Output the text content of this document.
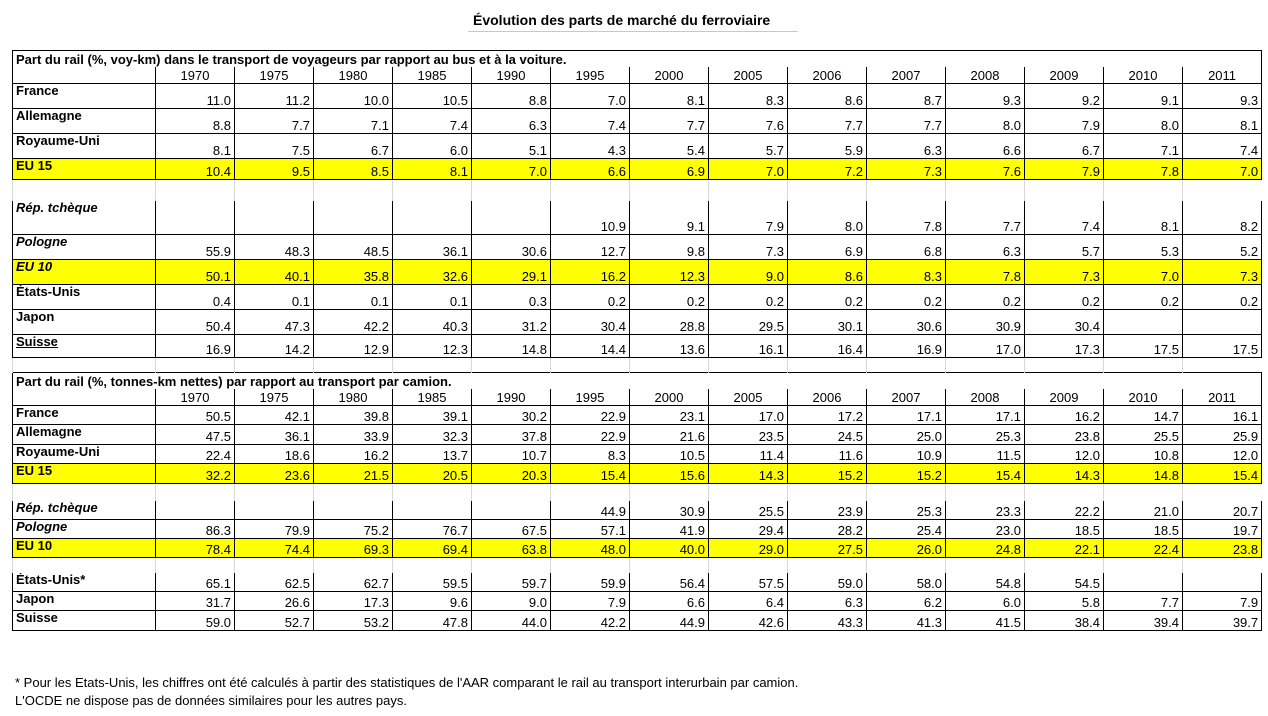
Évolution des parts de marché du ferroviaire
Part du rail (%, voy-km) dans le transport de voyageurs par rapport au bus et à la voiture.														
	1970	1975	1980	1985	1990	1995	2000	2005	2006	2007	2008	2009	2010	2011
France	11.0	11.2	10.0	10.5	8.8	7.0	8.1	8.3	8.6	8.7	9.3	9.2	9.1	9.3
Allemagne	8.8	7.7	7.1	7.4	6.3	7.4	7.7	7.6	7.7	7.7	8.0	7.9	8.0	8.1
Royaume-Uni	8.1	7.5	6.7	6.0	5.1	4.3	5.4	5.7	5.9	6.3	6.6	6.7	7.1	7.4
EU 15	10.4	9.5	8.5	8.1	7.0	6.6	6.9	7.0	7.2	7.3	7.6	7.9	7.8	7.0

Rép. tchèque						10.9	9.1	7.9	8.0	7.8	7.7	7.4	8.1	8.2
Pologne	55.9	48.3	48.5	36.1	30.6	12.7	9.8	7.3	6.9	6.8	6.3	5.7	5.3	5.2
EU 10	50.1	40.1	35.8	32.6	29.1	16.2	12.3	9.0	8.6	8.3	7.8	7.3	7.0	7.3
États-Unis	0.4	0.1	0.1	0.1	0.3	0.2	0.2	0.2	0.2	0.2	0.2	0.2	0.2	0.2
Japon	50.4	47.3	42.2	40.3	31.2	30.4	28.8	29.5	30.1	30.6	30.9	30.4		
Suisse	16.9	14.2	12.9	12.3	14.8	14.4	13.6	16.1	16.4	16.9	17.0	17.3	17.5	17.5

Part du rail (%, tonnes-km nettes) par rapport au transport par camion.														
	1970	1975	1980	1985	1990	1995	2000	2005	2006	2007	2008	2009	2010	2011
France	50.5	42.1	39.8	39.1	30.2	22.9	23.1	17.0	17.2	17.1	17.1	16.2	14.7	16.1
Allemagne	47.5	36.1	33.9	32.3	37.8	22.9	21.6	23.5	24.5	25.0	25.3	23.8	25.5	25.9
Royaume-Uni	22.4	18.6	16.2	13.7	10.7	8.3	10.5	11.4	11.6	10.9	11.5	12.0	10.8	12.0
EU 15	32.2	23.6	21.5	20.5	20.3	15.4	15.6	14.3	15.2	15.2	15.4	14.3	14.8	15.4

Rép. tchèque						44.9	30.9	25.5	23.9	25.3	23.3	22.2	21.0	20.7
Pologne	86.3	79.9	75.2	76.7	67.5	57.1	41.9	29.4	28.2	25.4	23.0	18.5	18.5	19.7
EU 10	78.4	74.4	69.3	69.4	63.8	48.0	40.0	29.0	27.5	26.0	24.8	22.1	22.4	23.8

États-Unis*	65.1	62.5	62.7	59.5	59.7	59.9	56.4	57.5	59.0	58.0	54.8	54.5		
Japon	31.7	26.6	17.3	9.6	9.0	7.9	6.6	6.4	6.3	6.2	6.0	5.8	7.7	7.9
Suisse	59.0	52.7	53.2	47.8	44.0	42.2	44.9	42.6	43.3	41.3	41.5	38.4	39.4	39.7
* Pour les Etats-Unis, les chiffres ont été calculés à partir des statistiques de l'AAR comparant le rail au transport interurbain par camion.
L'OCDE ne dispose pas de données similaires pour les autres pays.
